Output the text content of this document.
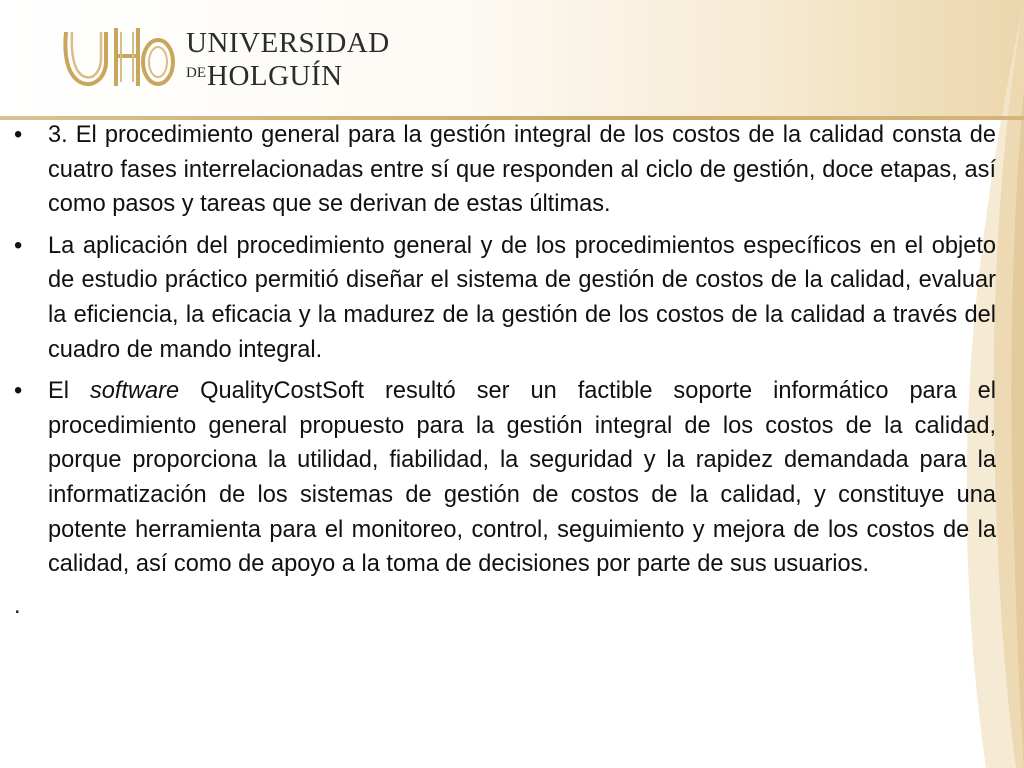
UNIVERSIDAD
$^{DE}$HOLGUÍN
•	3. El procedimiento general para la gestión integral de los costos de la calidad consta de cuatro fases interrelacionadas entre sí que responden al ciclo de gestión, doce etapas, así como pasos y tareas que se derivan de estas últimas.
•	La aplicación del procedimiento general y de los procedimientos específicos en el objeto de estudio práctico permitió diseñar el sistema de gestión de costos de la calidad, evaluar la eficiencia, la eficacia y la madurez de la gestión de los costos de la calidad a través del cuadro de mando integral.
•	El software QualityCostSoft resultó ser un factible soporte informático para el procedimiento general propuesto para la gestión integral de los costos de la calidad, porque proporciona la utilidad, fiabilidad, la seguridad y la rapidez demandada para la informatización de los sistemas de gestión de costos de la calidad, y constituye una potente herramienta para el monitoreo, control, seguimiento y mejora de los costos de la calidad, así como de apoyo a la toma de decisiones por parte de sus usuarios.
.
